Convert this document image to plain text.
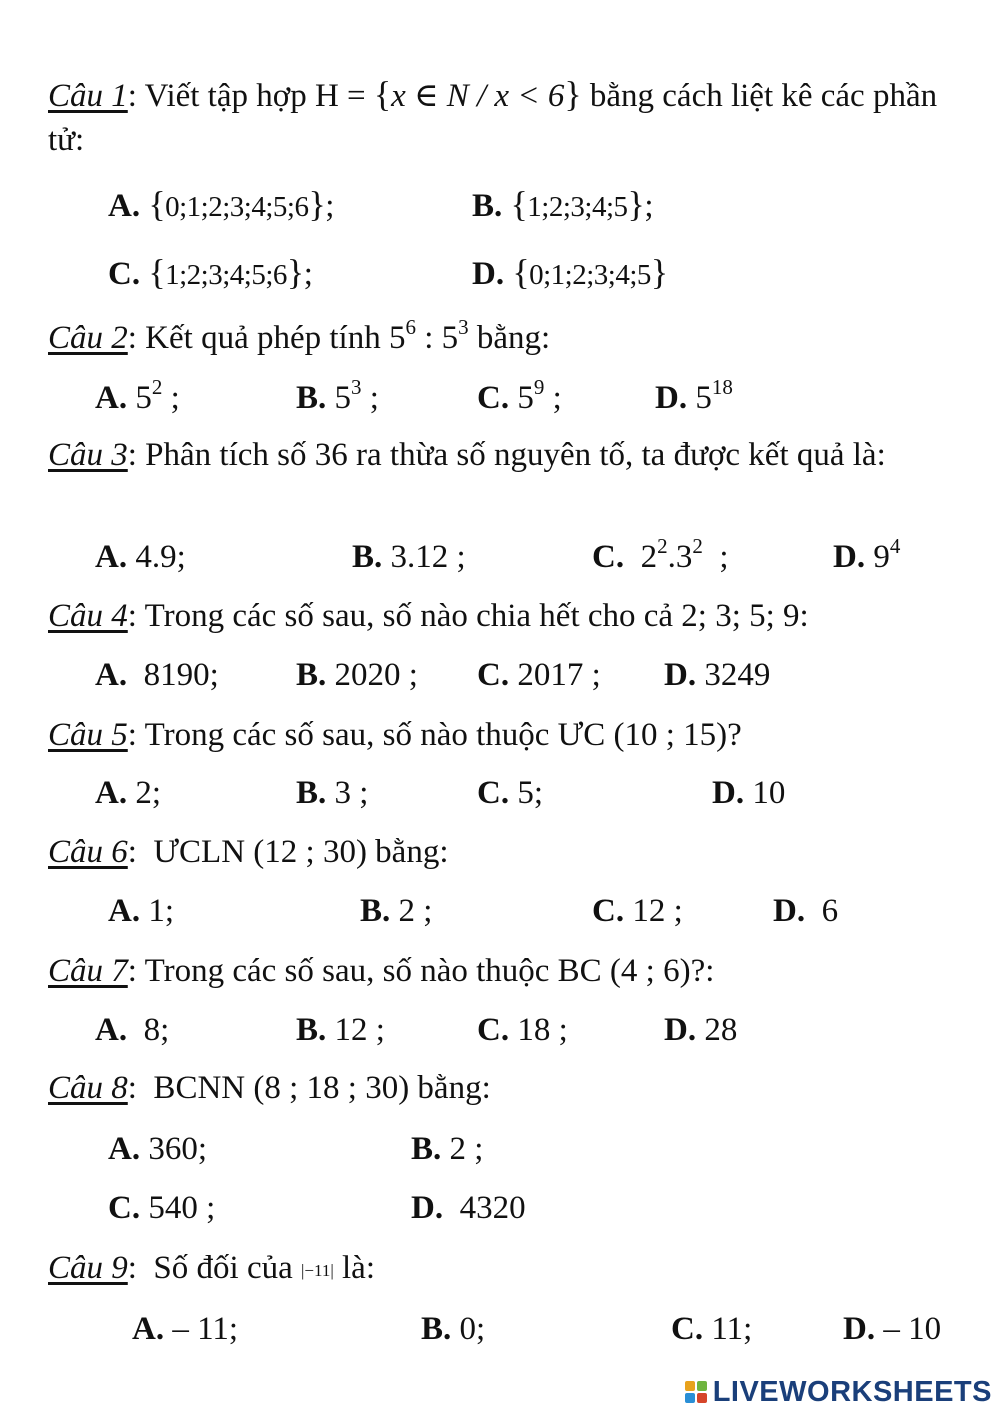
Câu 1: Viết tập hợp H = {x ∈ N / x < 6} bằng cách liệt kê các phần tử:
A. {0;1;2;3;4;5;6};	B. {1;2;3;4;5};
C. {1;2;3;4;5;6};	D. {0;1;2;3;4;5}
Câu 2: Kết quả phép tính $5^6$ : $5^3$ bằng:
A. $5^2$ ;	B. $5^3$ ;	C. $5^9$ ;	D. $5^{18}$
Câu 3: Phân tích số 36 ra thừa số nguyên tố, ta được kết quả là:
A. 4.9;	B. 3.12 ;	C. $2^2.3^2$  ;	D. $9^4$
Câu 4: Trong các số sau, số nào chia hết cho cả 2; 3; 5; 9:
A. 8190; B. 2020 ; C. 2017 ; D. 3249
Câu 5: Trong các số sau, số nào thuộc ƯC (10 ; 15)?
A. 2;	B. 3 ;	C. 5;	D. 10
Câu 6:  ƯCLN (12 ; 30) bằng:
A. 1;	B. 2 ;	C. 12 ;	D. 6
Câu 7: Trong các số sau, số nào thuộc BC (4 ; 6)?:
A. 8;	B. 12 ;	C. 18 ;	D. 28
Câu 8:  BCNN (8 ; 18 ; 30) bằng:
A. 360;	B. 2 ;
C. 540 ;	D. 4320
Câu 9:  Số đối của |−11| là:
A. – 11;	B. 0;	C. 11;	D. – 10
LIVEWORKSHEETS
